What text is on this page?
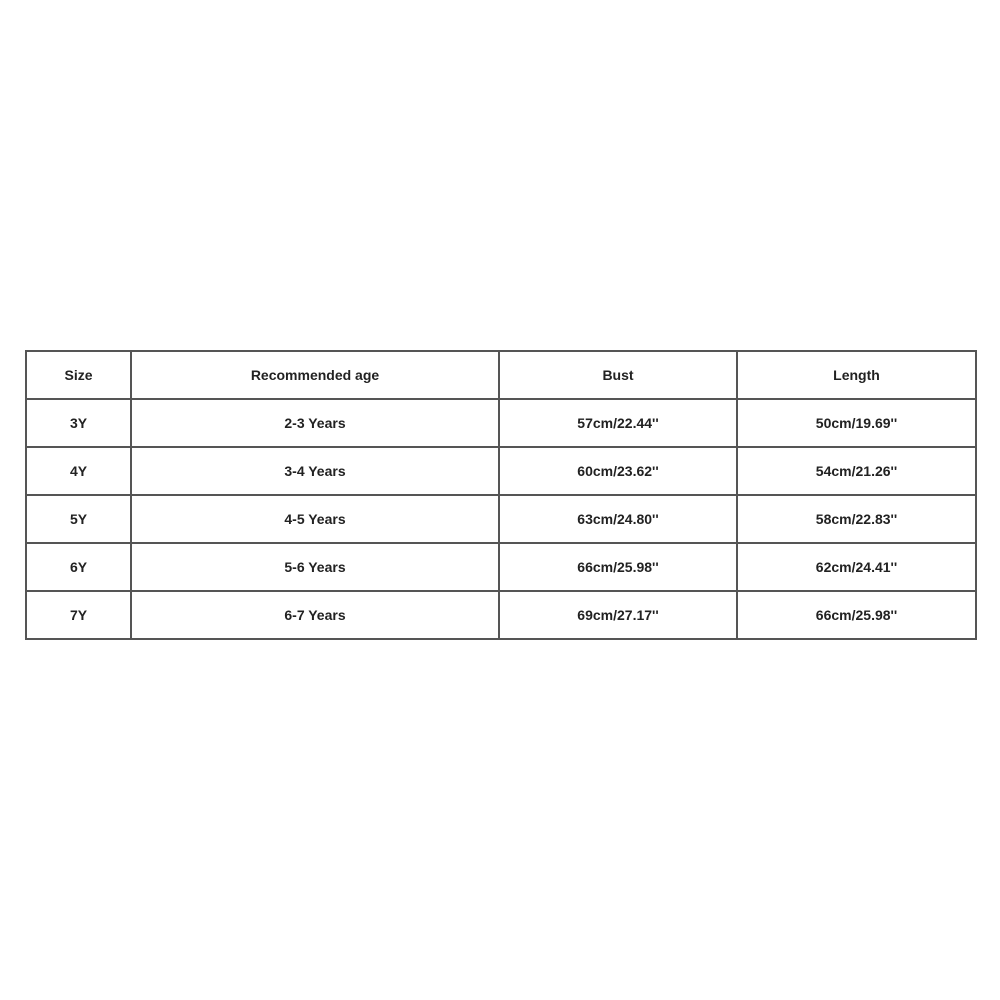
Size	Recommended age	Bust	Length
3Y	2-3 Years	57cm/22.44''	50cm/19.69''
4Y	3-4 Years	60cm/23.62''	54cm/21.26''
5Y	4-5 Years	63cm/24.80''	58cm/22.83''
6Y	5-6 Years	66cm/25.98''	62cm/24.41''
7Y	6-7 Years	69cm/27.17''	66cm/25.98''
